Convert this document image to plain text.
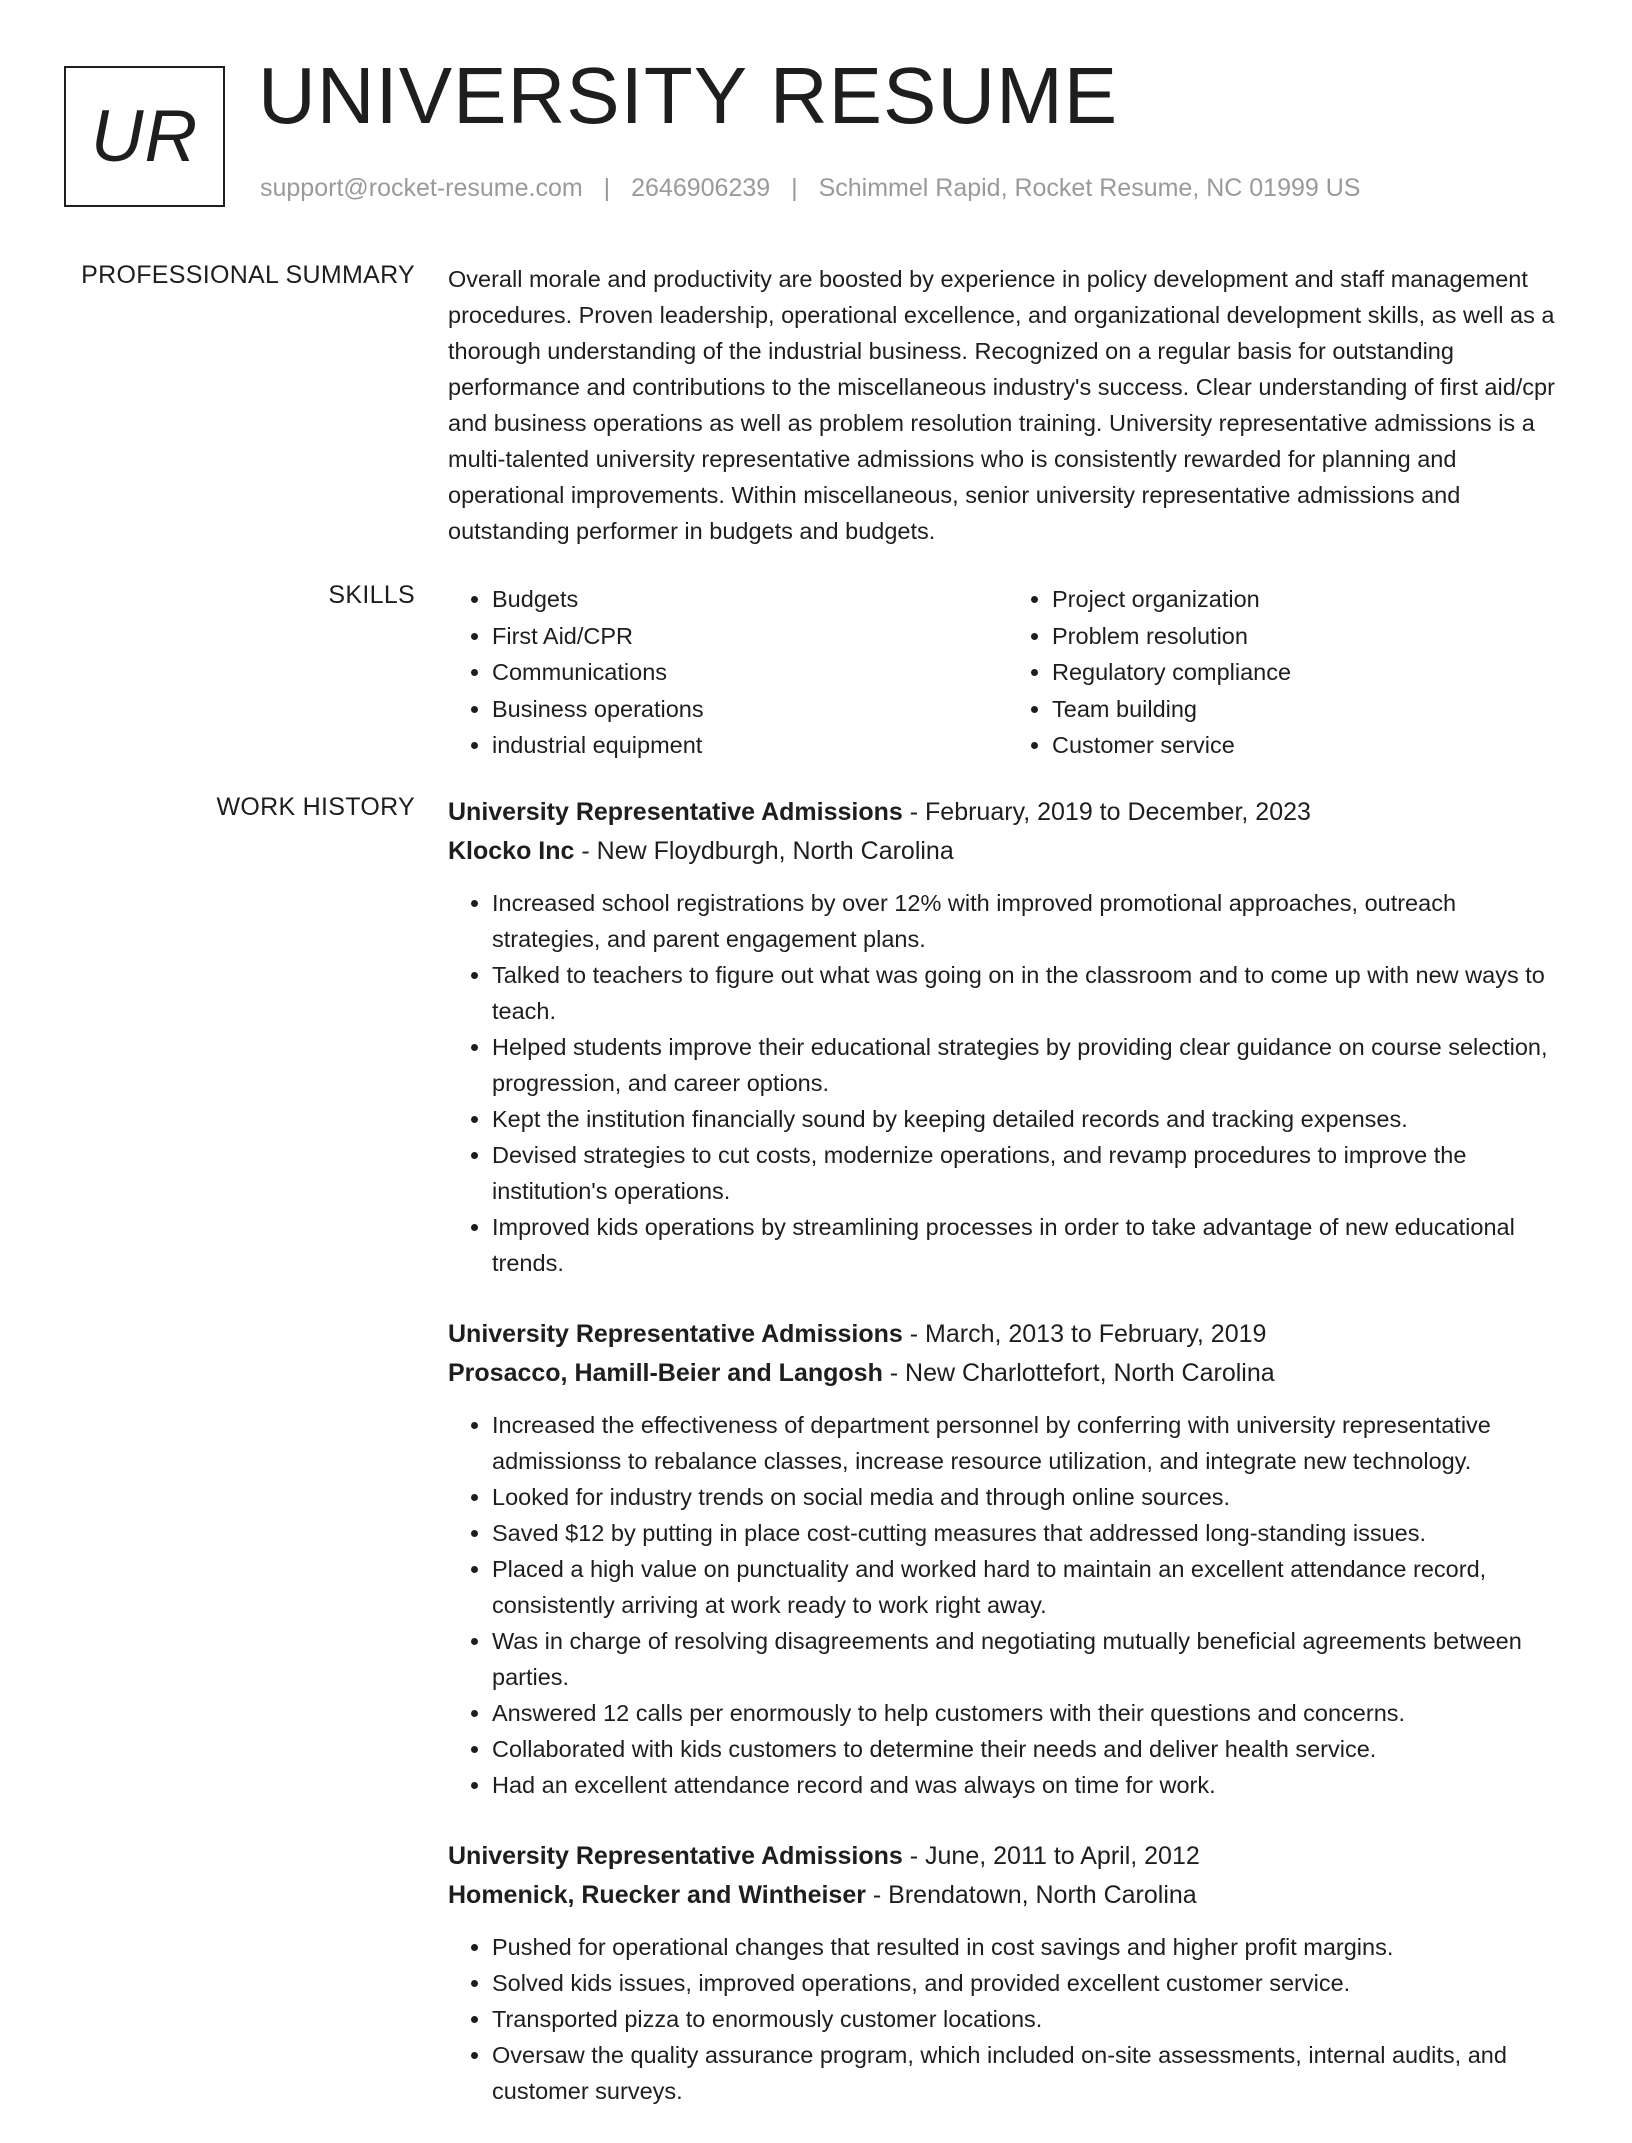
UR UNIVERSITY RESUME
support@rocket-resume.com | 2646906239 | Schimmel Rapid, Rocket Resume, NC 01999 US
PROFESSIONAL SUMMARY Overall morale and productivity are boosted by experience in policy development and staff management procedures. Proven leadership, operational excellence, and organizational development skills, as well as a thorough understanding of the industrial business. Recognized on a regular basis for outstanding performance and contributions to the miscellaneous industry's success. Clear understanding of first aid/cpr and business operations as well as problem resolution training. University representative admissions is a multi-talented university representative admissions who is consistently rewarded for planning and operational improvements. Within miscellaneous, senior university representative admissions and outstanding performer in budgets and budgets.

SKILLS
•	Budgets
• First Aid/CPR
• Communications
• Business operations
• industrial equipment
• Project organization
• Problem resolution
• Regulatory compliance
• Team building
• Customer service
WORK HISTORY University Representative Admissions - February, 2019 to December, 2023
Klocko Inc - New Floydburgh, North Carolina
• Increased school registrations by over 12% with improved promotional approaches, outreach strategies, and parent engagement plans.
• Talked to teachers to figure out what was going on in the classroom and to come up with new ways to teach.
• Helped students improve their educational strategies by providing clear guidance on course selection, progression, and career options.
• Kept the institution financially sound by keeping detailed records and tracking expenses.
• Devised strategies to cut costs, modernize operations, and revamp procedures to improve the institution's operations.
• Improved kids operations by streamlining processes in order to take advantage of new educational trends.
University Representative Admissions - March, 2013 to February, 2019
Prosacco, Hamill-Beier and Langosh - New Charlottefort, North Carolina
• Increased the effectiveness of department personnel by conferring with university representative admissionss to rebalance classes, increase resource utilization, and integrate new technology.
• Looked for industry trends on social media and through online sources.
• Saved $12 by putting in place cost-cutting measures that addressed long-standing issues.
• Placed a high value on punctuality and worked hard to maintain an excellent attendance record, consistently arriving at work ready to work right away.
• Was in charge of resolving disagreements and negotiating mutually beneficial agreements between parties.
• Answered 12 calls per enormously to help customers with their questions and concerns.
• Collaborated with kids customers to determine their needs and deliver health service.
• Had an excellent attendance record and was always on time for work.
University Representative Admissions - June, 2011 to April, 2012
Homenick, Ruecker and Wintheiser - Brendatown, North Carolina
• Pushed for operational changes that resulted in cost savings and higher profit margins.
• Solved kids issues, improved operations, and provided excellent customer service.
• Transported pizza to enormously customer locations.
• Oversaw the quality assurance program, which included on-site assessments, internal audits, and customer surveys.
